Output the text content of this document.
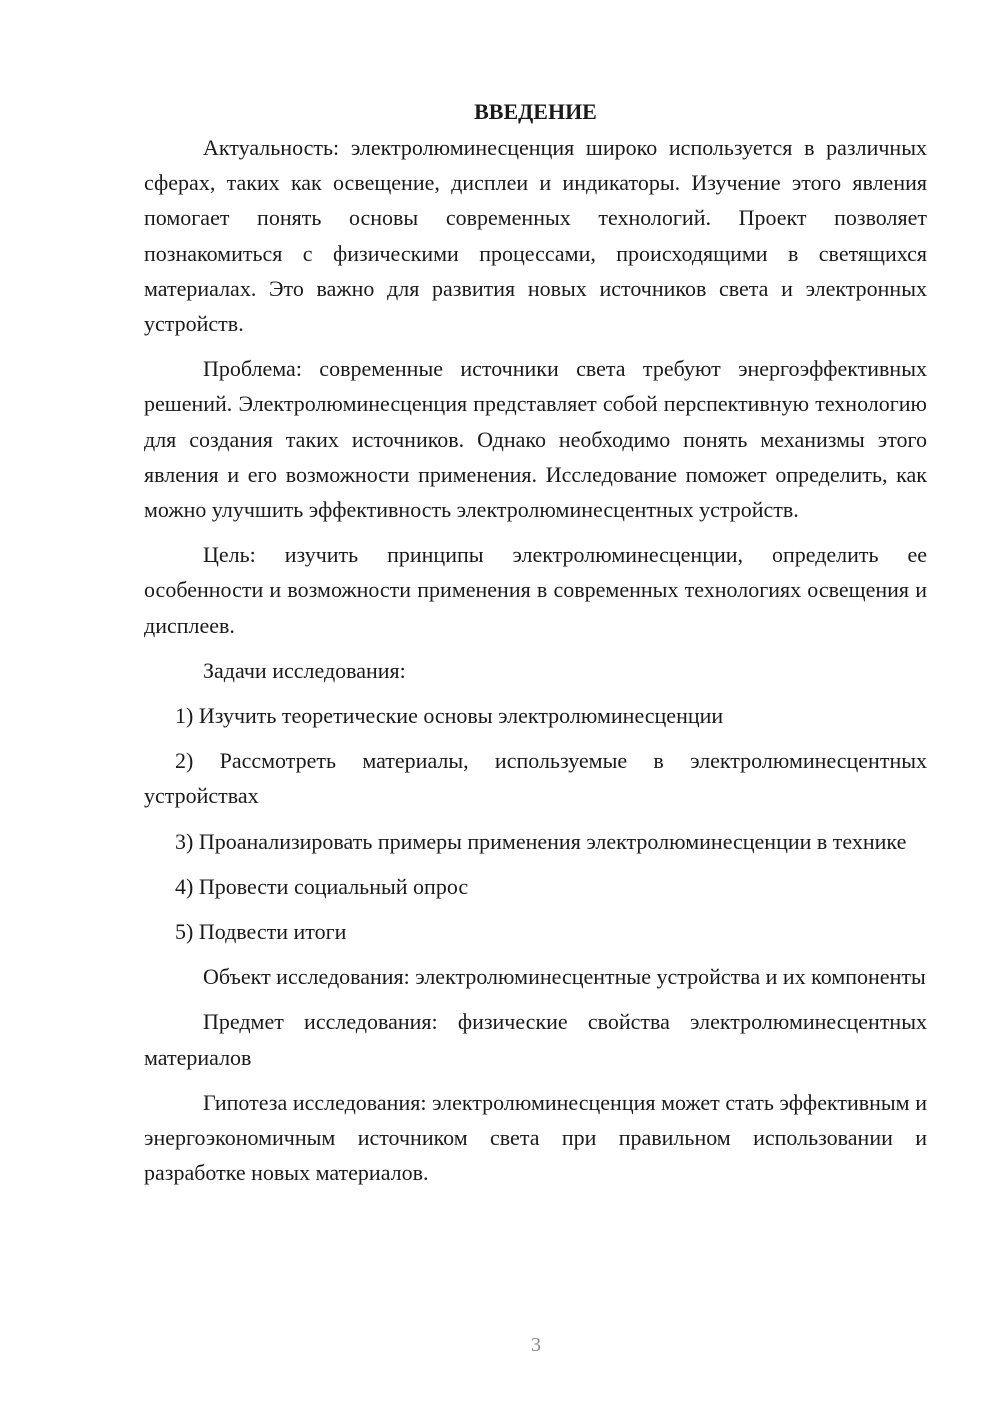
ВВЕДЕНИЕ

Актуальность: электролюминесценция широко используется в различных сферах, таких как освещение, дисплеи и индикаторы. Изучение этого явления помогает понять основы современных технологий. Проект позволяет познакомиться с физическими процессами, происходящими в светящихся материалах. Это важно для развития новых источников света и электронных устройств.

Проблема: современные источники света требуют энергоэффективных решений. Электролюминесценция представляет собой перспективную технологию для создания таких источников. Однако необходимо понять механизмы этого явления и его возможности применения. Исследование поможет определить, как можно улучшить эффективность электролюминесцентных устройств.

Цель: изучить принципы электролюминесценции, определить ее особенности и возможности применения в современных технологиях освещения и дисплеев.

Задачи исследования:

1) Изучить теоретические основы электролюминесценции

2) Рассмотреть материалы, используемые в электролюминесцентных устройствах

3) Проанализировать примеры применения электролюминесценции в технике

4) Провести социальный опрос

5) Подвести итоги

Объект исследования: электролюминесцентные устройства и их компоненты

Предмет исследования: физические свойства электролюминесцентных материалов

Гипотеза исследования: электролюминесценция может стать эффективным и энергоэкономичным источником света при правильном использовании и разработке новых материалов.

3
